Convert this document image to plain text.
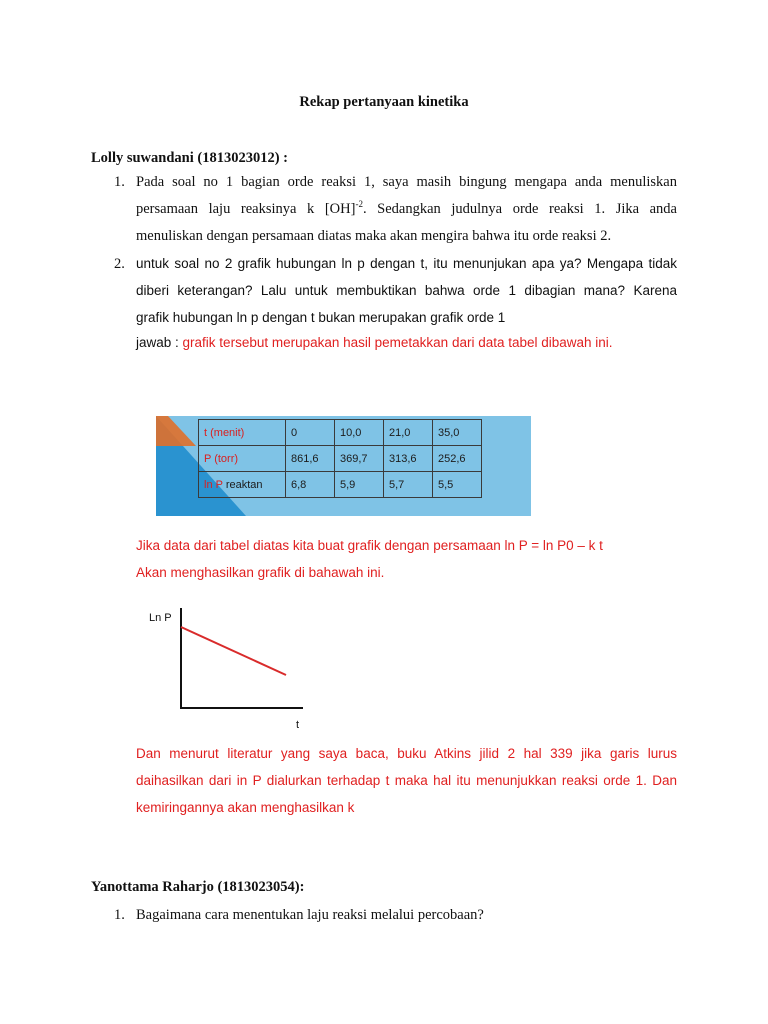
Rekap pertanyaan kinetika
Lolly suwandani (1813023012) :
1. Pada soal no 1 bagian orde reaksi 1, saya masih bingung mengapa anda menuliskan
persamaan laju reaksinya k [OH]$^{-2}$. Sedangkan judulnya orde reaksi 1. Jika anda
menuliskan dengan persamaan diatas maka akan mengira bahwa itu orde reaksi 2.
2. untuk soal no 2 grafik hubungan ln p dengan t, itu menunjukan apa ya? Mengapa tidak
diberi keterangan? Lalu untuk membuktikan bahwa orde 1 dibagian mana? Karena
grafik hubungan ln p dengan t bukan merupakan grafik orde 1
jawab : grafik tersebut merupakan hasil pemetakkan dari data tabel dibawah ini.
t (menit)	0	10,0	21,0	35,0
P (torr)	861,6	369,7	313,6	252,6
ln P reaktan	6,8	5,9	5,7	5,5
Jika data dari tabel diatas kita buat grafik dengan persamaan ln P = ln P0 – k t
Akan menghasilkan grafik di bahawah ini.
Ln P
t
Dan menurut literatur yang saya baca, buku Atkins jilid 2 hal 339 jika garis lurus
daihasilkan dari in P dialurkan terhadap t maka hal itu menunjukkan reaksi orde 1. Dan
kemiringannya akan menghasilkan k
Yanottama Raharjo (1813023054):
1. Bagaimana cara menentukan laju reaksi melalui percobaan?
